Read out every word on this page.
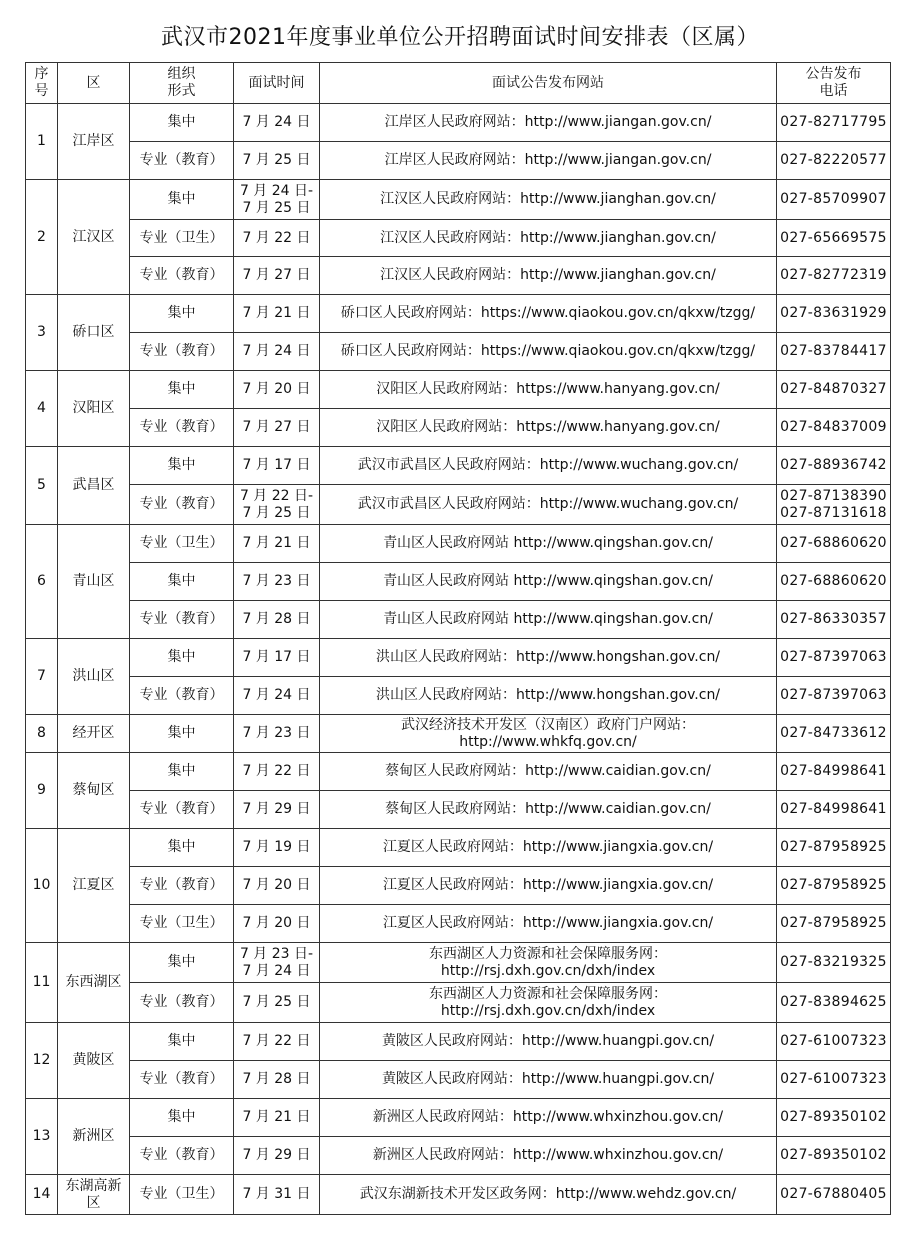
武汉市2021年度事业单位公开招聘面试时间安排表（区属）
序
号	区	组织
形式	面试时间	面试公告发布网站	公告发布
电话

1	江岸区	集中	7 月 24 日	江岸区人民政府网站：http://www.jiangan.gov.cn/	027-82717795

		专业（教育）	7 月 25 日	江岸区人民政府网站：http://www.jiangan.gov.cn/	027-82220577

2	江汉区	集中	7 月 24 日-
7 月 25 日	江汉区人民政府网站：http://www.jianghan.gov.cn/	027-85709907

		专业（卫生）	7 月 22 日	江汉区人民政府网站：http://www.jianghan.gov.cn/	027-65669575

		专业（教育）	7 月 27 日	江汉区人民政府网站：http://www.jianghan.gov.cn/	027-82772319

3	硚口区	集中	7 月 21 日	硚口区人民政府网站：https://www.qiaokou.gov.cn/qkxw/tzgg/	027-83631929

		专业（教育）	7 月 24 日	硚口区人民政府网站：https://www.qiaokou.gov.cn/qkxw/tzgg/	027-83784417

4	汉阳区	集中	7 月 20 日	汉阳区人民政府网站：https://www.hanyang.gov.cn/	027-84870327

		专业（教育）	7 月 27 日	汉阳区人民政府网站：https://www.hanyang.gov.cn/	027-84837009

5	武昌区	集中	7 月 17 日	武汉市武昌区人民政府网站：http://www.wuchang.gov.cn/	027-88936742

		专业（教育）	7 月 22 日-
7 月 25 日	武汉市武昌区人民政府网站：http://www.wuchang.gov.cn/	027-87138390
027-87131618

6	青山区	专业（卫生）	7 月 21 日	青山区人民政府网站 http://www.qingshan.gov.cn/	027-68860620

		集中	7 月 23 日	青山区人民政府网站 http://www.qingshan.gov.cn/	027-68860620

		专业（教育）	7 月 28 日	青山区人民政府网站 http://www.qingshan.gov.cn/	027-86330357

7	洪山区	集中	7 月 17 日	洪山区人民政府网站：http://www.hongshan.gov.cn/	027-87397063

		专业（教育）	7 月 24 日	洪山区人民政府网站：http://www.hongshan.gov.cn/	027-87397063

8	经开区	集中	7 月 23 日	武汉经济技术开发区（汉南区）政府门户网站：
http://www.whkfq.gov.cn/	027-84733612

9	蔡甸区	集中	7 月 22 日	蔡甸区人民政府网站：http://www.caidian.gov.cn/	027-84998641

		专业（教育）	7 月 29 日	蔡甸区人民政府网站：http://www.caidian.gov.cn/	027-84998641

10	江夏区	集中	7 月 19 日	江夏区人民政府网站：http://www.jiangxia.gov.cn/	027-87958925

		专业（教育）	7 月 20 日	江夏区人民政府网站：http://www.jiangxia.gov.cn/	027-87958925

		专业（卫生）	7 月 20 日	江夏区人民政府网站：http://www.jiangxia.gov.cn/	027-87958925

11	东西湖区	集中	7 月 23 日-
7 月 24 日	东西湖区人力资源和社会保障服务网：
http://rsj.dxh.gov.cn/dxh/index	027-83219325

		专业（教育）	7 月 25 日	东西湖区人力资源和社会保障服务网：
http://rsj.dxh.gov.cn/dxh/index	027-83894625

12	黄陂区	集中	7 月 22 日	黄陂区人民政府网站：http://www.huangpi.gov.cn/	027-61007323

		专业（教育）	7 月 28 日	黄陂区人民政府网站：http://www.huangpi.gov.cn/	027-61007323

13	新洲区	集中	7 月 21 日	新洲区人民政府网站：http://www.whxinzhou.gov.cn/	027-89350102

		专业（教育）	7 月 29 日	新洲区人民政府网站：http://www.whxinzhou.gov.cn/	027-89350102

14	东湖高新区	专业（卫生）	7 月 31 日	武汉东湖新技术开发区政务网：http://www.wehdz.gov.cn/	027-67880405
